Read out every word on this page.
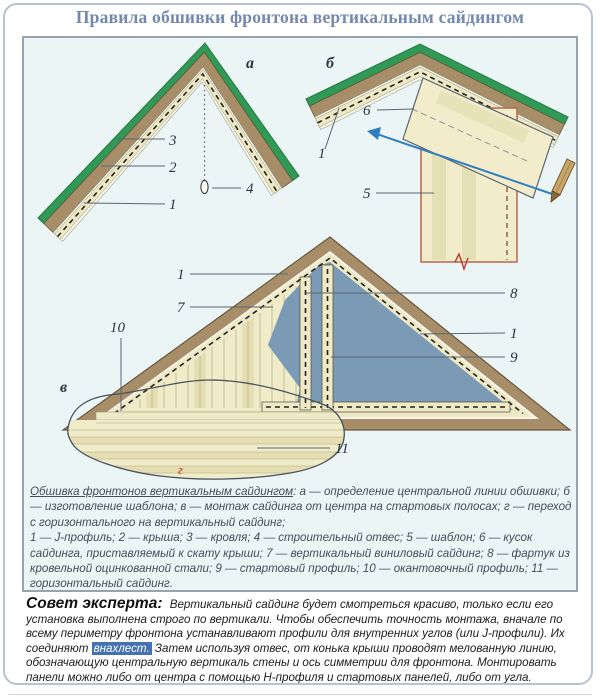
Правила обшивки фронтона вертикальным сайдингом
а
3
2
1
4
б
6
1
5
в
1
7
10
8
1
9
11
г
Обшивка фронтонов вертикальным сайдингом: а — определение центральной линии обшивки; б — изготовление шаблона; в — монтаж сайдинга от центра на стартовых полосах; г — переход с горизонтального на вертикальный сайдинг;
1 — J-профиль; 2 — крыша; 3 — кровля; 4 — строительный отвес; 5 — шаблон; 6 — кусок сайдинга, приставляемый к скату крыши; 7 — вертикальный виниловый сайдинг; 8 — фартук из кровельной оцинкованной стали; 9 — стартовый профиль; 10 — окантовочный профиль; 11 — горизонтальный сайдинг.
Совет эксперта: Вертикальный сайдинг будет смотреться красиво, только если его установка выполнена строго по вертикали. Чтобы обеспечить точность монтажа, вначале по всему периметру фронтона устанавливают профили для внутренних углов (или J-профили). Их соединяют внахлест. Затем используя отвес, от конька крыши проводят мелованную линию, обозначающую центральную вертикаль стены и ось симметрии для фронтона. Монтировать панели можно либо от центра с помощью Н-профиля и стартовых панелей, либо от угла.
